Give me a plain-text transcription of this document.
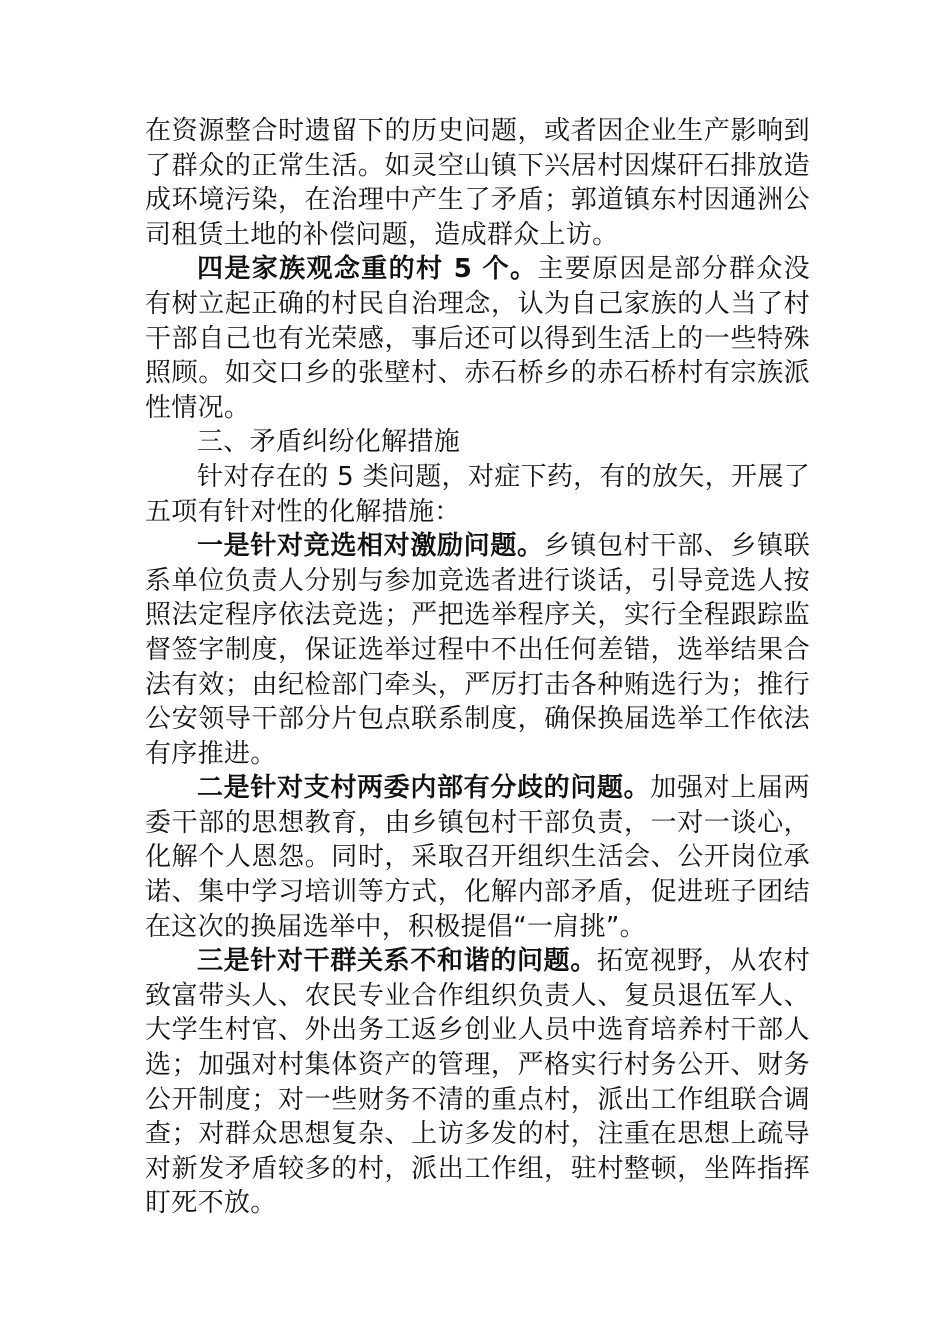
在资源整合时遗留下的历史问题，或者因企业生产影响到了群众的正常生活。如灵空山镇下兴居村因煤矸石排放造成环境污染，在治理中产生了矛盾；郭道镇东村因通洲公司租赁土地的补偿问题，造成群众上访。

四是家族观念重的村 5 个。主要原因是部分群众没有树立起正确的村民自治理念，认为自己家族的人当了村干部自己也有光荣感，事后还可以得到生活上的一些特殊照顾。如交口乡的张壁村、赤石桥乡的赤石桥村有宗族派性情况。

三、矛盾纠纷化解措施

针对存在的 5 类问题，对症下药，有的放矢，开展了五项有针对性的化解措施：

一是针对竞选相对激励问题。乡镇包村干部、乡镇联系单位负责人分别与参加竞选者进行谈话，引导竞选人按照法定程序依法竞选；严把选举程序关，实行全程跟踪监督签字制度，保证选举过程中不出任何差错，选举结果合法有效；由纪检部门牵头，严厉打击各种贿选行为；推行公安领导干部分片包点联系制度，确保换届选举工作依法有序推进。

二是针对支村两委内部有分歧的问题。加强对上届两委干部的思想教育，由乡镇包村干部负责，一对一谈心，化解个人恩怨。同时，采取召开组织生活会、公开岗位承诺、集中学习培训等方式，化解内部矛盾，促进班子团结在这次的换届选举中，积极提倡“一肩挑”。

三是针对干群关系不和谐的问题。拓宽视野，从农村致富带头人、农民专业合作组织负责人、复员退伍军人、大学生村官、外出务工返乡创业人员中选育培养村干部人选；加强对村集体资产的管理，严格实行村务公开、财务公开制度；对一些财务不清的重点村，派出工作组联合调查；对群众思想复杂、上访多发的村，注重在思想上疏导对新发矛盾较多的村，派出工作组，驻村整顿，坐阵指挥盯死不放。
